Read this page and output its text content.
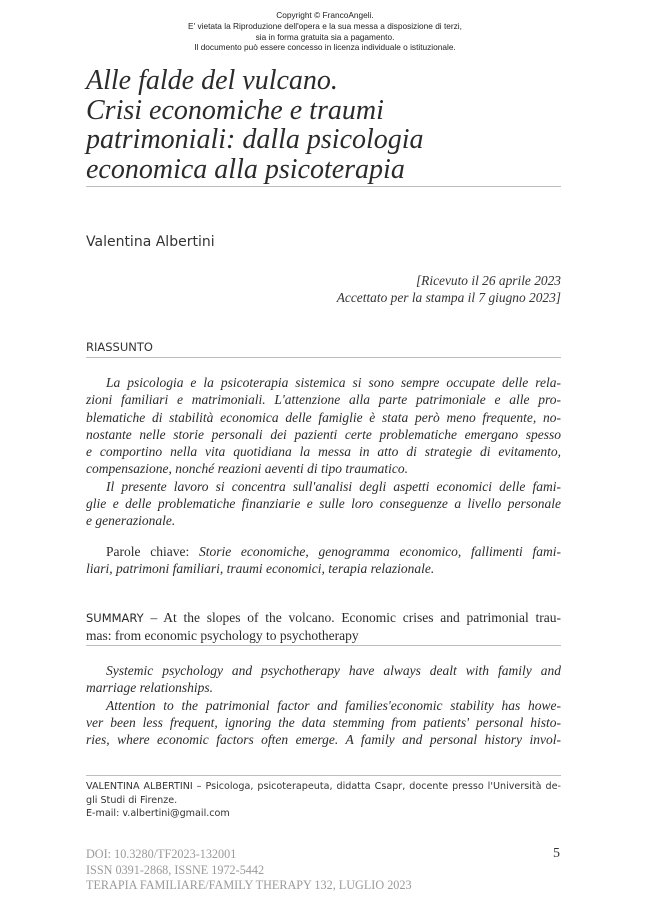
Copyright © FrancoAngeli.
E' vietata la Riproduzione dell'opera e la sua messa a disposizione di terzi,
sia in forma gratuita sia a pagamento.
Il documento può essere concesso in licenza individuale o istituzionale.
Alle falde del vulcano.
Crisi economiche e traumi
patrimoniali: dalla psicologia
economica alla psicoterapia
Valentina Albertini
[Ricevuto il 26 aprile 2023
Accettato per la stampa il 7 giugno 2023]
RIASSUNTO
La psicologia e la psicoterapia sistemica si sono sempre occupate delle rela-
zioni familiari e matrimoniali. L'attenzione alla parte patrimoniale e alle pro-
blematiche di stabilità economica delle famiglie è stata però meno frequente, no-
nostante nelle storie personali dei pazienti certe problematiche emergano spesso
e comportino nella vita quotidiana la messa in atto di strategie di evitamento,
compensazione, nonché reazioni aeventi di tipo traumatico.
Il presente lavoro si concentra sull'analisi degli aspetti economici delle fami-
glie e delle problematiche finanziarie e sulle loro conseguenze a livello personale
e generazionale.
Parole chiave: Storie economiche, genogramma economico, fallimenti fami-
liari, patrimoni familiari, traumi economici, terapia relazionale.
SUMMARY – At the slopes of the volcano. Economic crises and patrimonial trau-
mas: from economic psychology to psychotherapy
Systemic psychology and psychotherapy have always dealt with family and
marriage relationships.
Attention to the patrimonial factor and families'economic stability has howe-
ver been less frequent, ignoring the data stemming from patients' personal histo-
ries, where economic factors often emerge. A family and personal history invol-
VALENTINA ALBERTINI – Psicologa, psicoterapeuta, didatta Csapr, docente presso l'Università de-
gli Studi di Firenze.
E-mail: v.albertini@gmail.com
DOI: 10.3280/TF2023-132001
ISSN 0391-2868, ISSNE 1972-5442
TERAPIA FAMILIARE/FAMILY THERAPY 132, LUGLIO 2023
5
